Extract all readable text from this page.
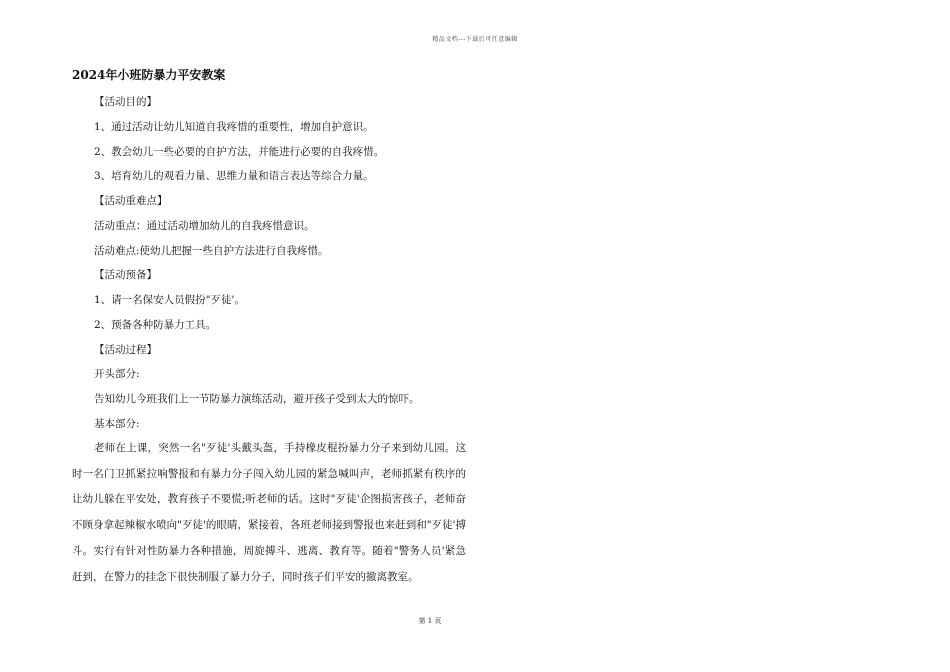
精品文档---下载后可任意编辑
2024年小班防暴力平安教案
【活动目的】
1、通过活动让幼儿知道自我疼惜的重要性，增加自护意识。
2、教会幼儿一些必要的自护方法，并能进行必要的自我疼惜。
3、培育幼儿的观看力量、思维力量和语言表达等综合力量。
【活动重难点】
活动重点：通过活动增加幼儿的自我疼惜意识。
活动难点:使幼儿把握一些自护方法进行自我疼惜。
【活动预备】
1、请一名保安人员假扮"歹徒'。
2、预备各种防暴力工具。
【活动过程】
开头部分:
告知幼儿今班我们上一节防暴力演练活动，避开孩子受到太大的惊吓。
基本部分:
老师在上课，突然一名"歹徒'头戴头盔，手持橡皮棍扮暴力分子来到幼儿园。这时一名门卫抓紧拉响警报和有暴力分子闯入幼儿园的紧急喊叫声，老师抓紧有秩序的让幼儿躲在平安处，教育孩子不要慌;听老师的话。这时"歹徒'企图损害孩子，老师奋不顾身拿起辣椒水喷向"歹徒'的眼睛，紧接着，各班老师接到警报也来赶到和"歹徒'搏斗。实行有针对性防暴力各种措施，周旋搏斗、逃离、教育等。随着"警务人员'紧急赶到，在警力的挂念下很快制服了暴力分子，同时孩子们平安的撤离教室。
第 1 页
